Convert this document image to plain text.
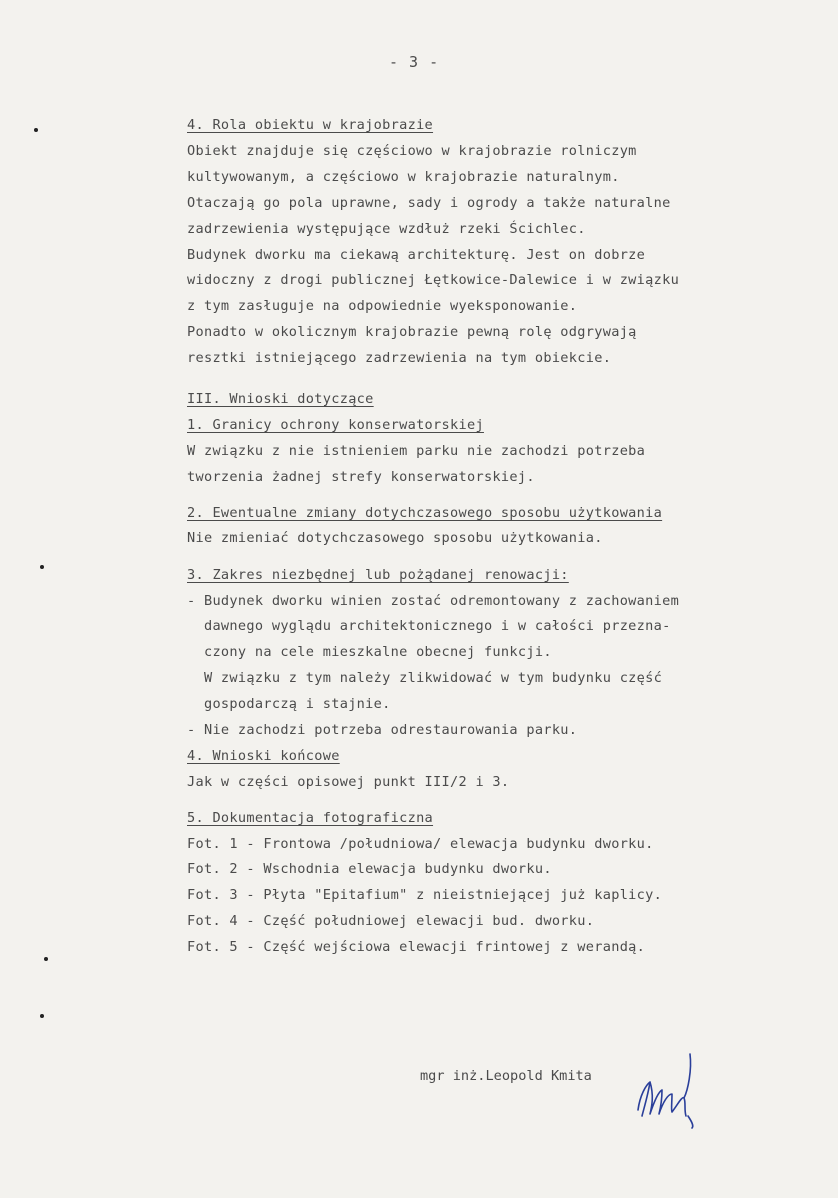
- 3 -
4. Rola obiektu w krajobrazie
Obiekt znajduje się częściowo w krajobrazie rolniczym
kultywowanym, a częściowo w krajobrazie naturalnym.
Otaczają go pola uprawne, sady i ogrody a także naturalne
zadrzewienia występujące wzdłuż rzeki Ścichlec.
Budynek dworku ma ciekawą architekturę. Jest on dobrze
widoczny z drogi publicznej Łętkowice-Dalewice i w związku
z tym zasługuje na odpowiednie wyeksponowanie.
Ponadto w okolicznym krajobrazie pewną rolę odgrywają
resztki istniejącego zadrzewienia na tym obiekcie.
III. Wnioski dotyczące
1. Granicy ochrony konserwatorskiej
W związku z nie istnieniem parku nie zachodzi potrzeba
tworzenia żadnej strefy konserwatorskiej.
2. Ewentualne zmiany dotychczasowego sposobu użytkowania
Nie zmieniać dotychczasowego sposobu użytkowania.
3. Zakres niezbędnej lub pożądanej renowacji:
- Budynek dworku winien zostać odremontowany z zachowaniem
dawnego wyglądu architektonicznego i w całości przezna-
czony na cele mieszkalne obecnej funkcji.
W związku z tym należy zlikwidować w tym budynku część
gospodarczą i stajnie.
- Nie zachodzi potrzeba odrestaurowania parku.
4. Wnioski końcowe
Jak w części opisowej punkt III/2 i 3.
5. Dokumentacja fotograficzna
Fot. 1 - Frontowa /południowa/ elewacja budynku dworku.
Fot. 2 - Wschodnia elewacja budynku dworku.
Fot. 3 - Płyta "Epitafium" z nieistniejącej już kaplicy.
Fot. 4 - Część południowej elewacji bud. dworku.
Fot. 5 - Część wejściowa elewacji frintowej z werandą.
mgr inż.Leopold Kmita
